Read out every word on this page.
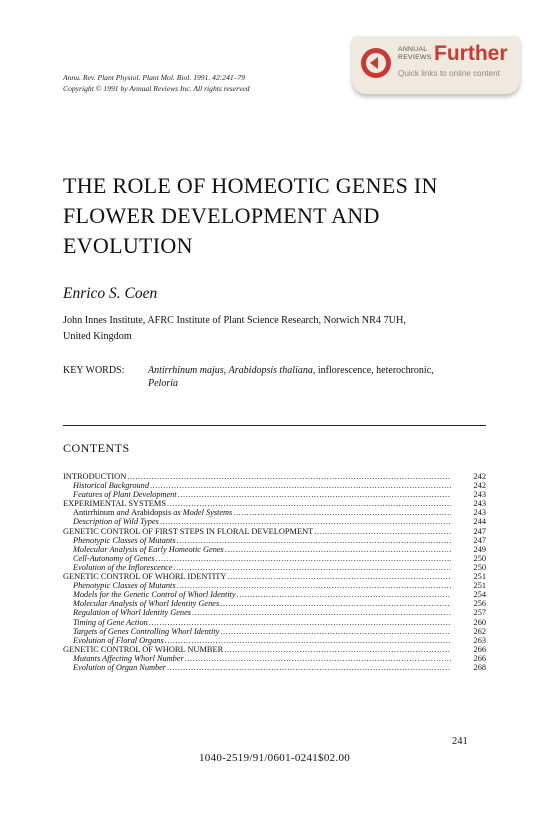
Annu. Rev. Plant Physiol. Plant Mol. Biol. 1991. 42:241–79
Copyright © 1991 by Annual Reviews Inc. All rights reserved
ANNUAL
REVIEWS Further
Quick links to online content
THE ROLE OF HOMEOTIC GENES IN
FLOWER DEVELOPMENT AND
EVOLUTION
Enrico S. Coen
John Innes Institute, AFRC Institute of Plant Science Research, Norwich NR4 7UH,
United Kingdom
KEY WORDS: Antirrhinum majus, Arabidopsis thaliana, inflorescence, heterochronic,
Peloria
CONTENTS
INTRODUCTION .....	242
Historical Background .....	242
Features of Plant Development .....	243
EXPERIMENTAL SYSTEMS .....	243
Antirrhinum and Arabidopsis as Model Systems .....	243
Description of Wild Types .....	244
GENETIC CONTROL OF FIRST STEPS IN FLORAL DEVELOPMENT .....	247
Phenotypic Classes of Mutants .....	247
Molecular Analysis of Early Homeotic Genes .....	249
Cell-Autonomy of Genes .....	250
Evolution of the Inflorescence .....	250
GENETIC CONTROL OF WHORL IDENTITY .....	251
Phenotypic Classes of Mutants .....	251
Models for the Genetic Control of Whorl Identity .....	254
Molecular Analysis of Whorl Identity Genes .....	256
Regulation of Whorl Identity Genes .....	257
Timing of Gene Action .....	260
Targets of Genes Controlling Whorl Identity .....	262
Evolution of Floral Organs .....	263
GENETIC CONTROL OF WHORL NUMBER .....	266
Mutants Affecting Whorl Number .....	266
Evolution of Organ Number .....	268
241
1040-2519/91/0601-0241$02.00
